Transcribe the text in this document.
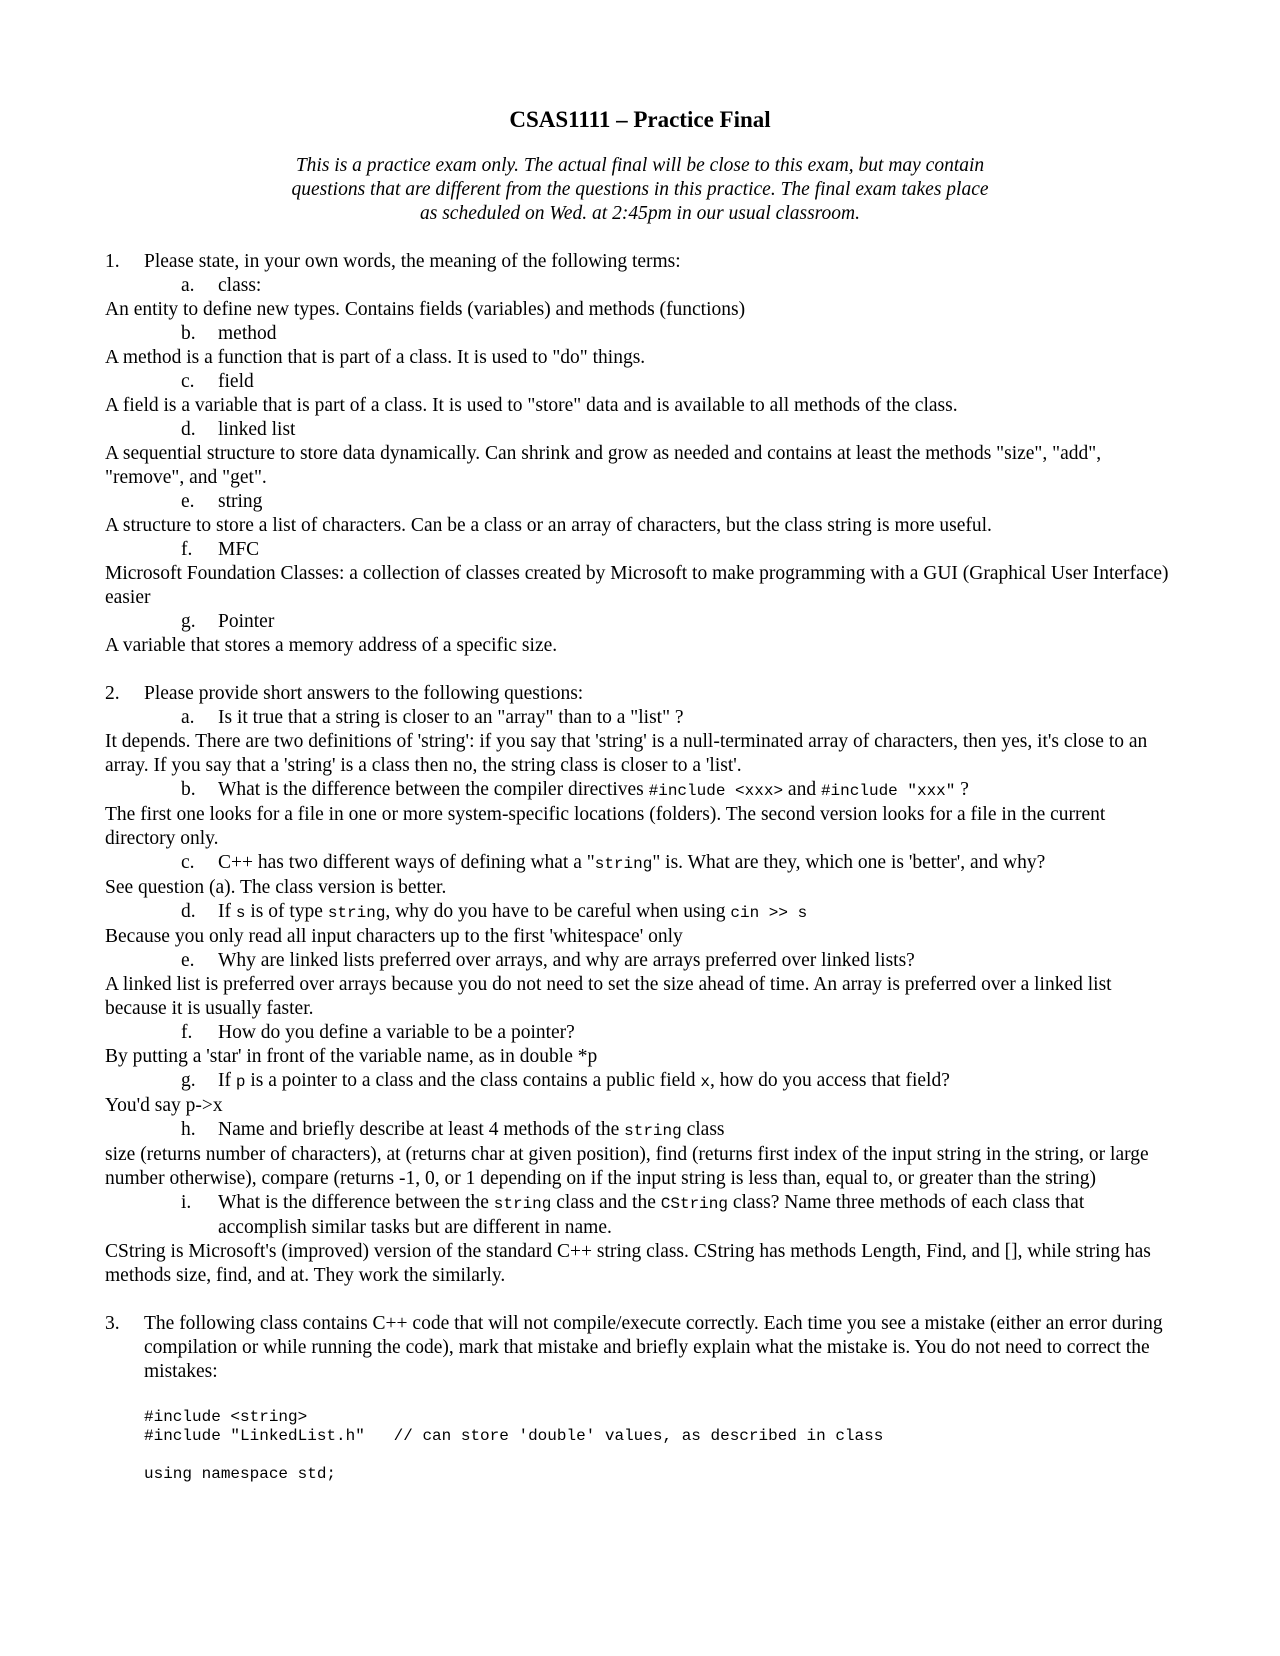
CSAS1111 – Practice Final
This is a practice exam only. The actual final will be close to this exam, but may contain
questions that are different from the questions in this practice. The final exam takes place
as scheduled on Wed. at 2:45pm in our usual classroom.
1. Please state, in your own words, the meaning of the following terms:
a. class:
An entity to define new types. Contains fields (variables) and methods (functions)
b. method
A method is a function that is part of a class. It is used to "do" things.
c. field
A field is a variable that is part of a class. It is used to "store" data and is available to all methods of the class.
d. linked list
A sequential structure to store data dynamically. Can shrink and grow as needed and contains at least the methods "size", "add", "remove", and "get".
e. string
A structure to store a list of characters. Can be a class or an array of characters, but the class string is more useful.
f. MFC
Microsoft Foundation Classes: a collection of classes created by Microsoft to make programming with a GUI (Graphical User Interface) easier
g. Pointer
A variable that stores a memory address of a specific size.
2. Please provide short answers to the following questions:
a. Is it true that a string is closer to an "array" than to a "list" ?
It depends. There are two definitions of 'string': if you say that 'string' is a null-terminated array of characters, then yes, it's close to an array. If you say that a 'string' is a class then no, the string class is closer to a 'list'.
b. What is the difference between the compiler directives #include <xxx> and #include "xxx" ?
The first one looks for a file in one or more system-specific locations (folders). The second version looks for a file in the current directory only.
c. C++ has two different ways of defining what a "string" is. What are they, which one is 'better', and why?
See question (a). The class version is better.
d. If s is of type string, why do you have to be careful when using cin >> s
Because you only read all input characters up to the first 'whitespace' only
e. Why are linked lists preferred over arrays, and why are arrays preferred over linked lists?
A linked list is preferred over arrays because you do not need to set the size ahead of time. An array is preferred over a linked list because it is usually faster.
f. How do you define a variable to be a pointer?
By putting a 'star' in front of the variable name, as in double *p
g. If p is a pointer to a class and the class contains a public field x, how do you access that field?
You'd say p->x
h. Name and briefly describe at least 4 methods of the string class
size (returns number of characters), at (returns char at given position), find (returns first index of the input string in the string, or large number otherwise), compare (returns -1, 0, or 1 depending on if the input string is less than, equal to, or greater than the string)
i. What is the difference between the string class and the CString class? Name three methods of each class that accomplish similar tasks but are different in name.
CString is Microsoft's (improved) version of the standard C++ string class. CString has methods Length, Find, and [], while string has methods size, find, and at. They work the similarly.
3. The following class contains C++ code that will not compile/execute correctly. Each time you see a mistake (either an error during compilation or while running the code), mark that mistake and briefly explain what the mistake is. You do not need to correct the mistakes:
#include <string>
#include "LinkedList.h"   // can store 'double' values, as described in class
using namespace std;
